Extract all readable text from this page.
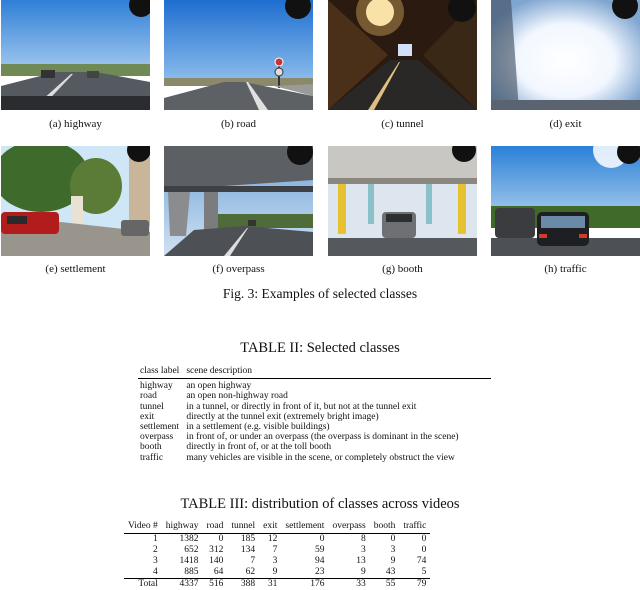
(a) highway	(b) road	(c) tunnel	(d) exit
(e) settlement	(f) overpass	(g) booth	(h) traffic
Fig. 3: Examples of selected classes
TABLE II: Selected classes
class label	scene description
highway	an open highway
road	an open non-highway road
tunnel	in a tunnel, or directly in front of it, but not at the tunnel exit
exit	directly at the tunnel exit (extremely bright image)
settlement	in a settlement (e.g. visible buildings)
overpass	in front of, or under an overpass (the overpass is dominant in the scene)
booth	directly in front of, or at the toll booth
traffic	many vehicles are visible in the scene, or completely obstruct the view
TABLE III: distribution of classes across videos
Video #	highway	road	tunnel	exit	settlement	overpass	booth	traffic
1	1382	0	185	12	0	8	0	0
2	652	312	134	7	59	3	3	0
3	1418	140	7	3	94	13	9	74
4	885	64	62	9	23	9	43	5
Total	4337	516	388	31	176	33	55	79
